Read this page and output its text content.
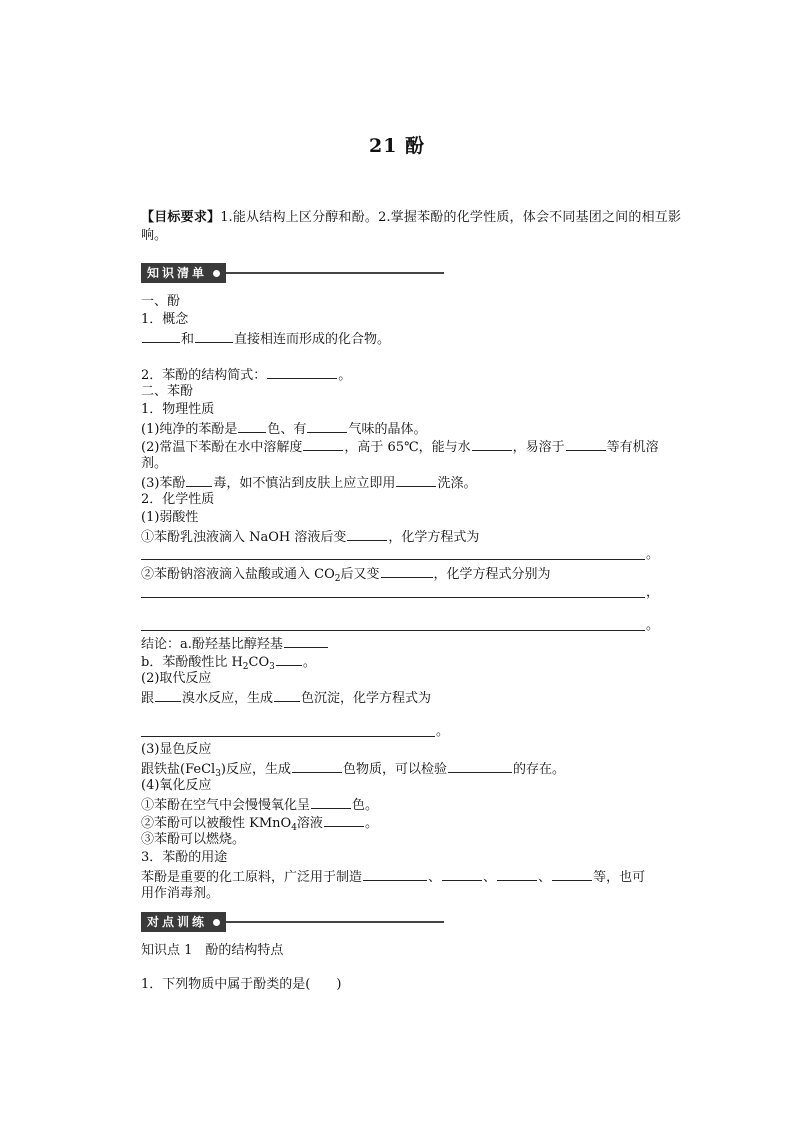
21 酚
【目标要求】1.能从结构上区分醇和酚。2.掌握苯酚的化学性质，体会不同基团之间的相互影响。
知识清单
一、酚
1．概念
和	直接相连而形成的化合物。
2．苯酚的结构简式：	。
二、苯酚
1．物理性质
(1)纯净的苯酚是 色、有	气味的晶体。
(2)常温下苯酚在水中溶解度	，高于 65℃，能与水	，易溶于	等有机溶
剂。
(3)苯酚 毒，如不慎沾到皮肤上应立即用	洗涤。
2．化学性质
(1)弱酸性
①苯酚乳浊液滴入 NaOH 溶液后变	，化学方程式为
。
②苯酚钠溶液滴入盐酸或通入 $CO_2$后又变	，化学方程式分别为
，
。
结论：a.酚羟基比醇羟基
b．苯酚酸性比 $H_2CO_3$ 。
(2)取代反应
跟 溴水反应，生成 色沉淀，化学方程式为
。
(3)显色反应
跟铁盐(FeCl$_3$)反应，生成	色物质，可以检验	的存在。
(4)氧化反应
①苯酚在空气中会慢慢氧化呈	色。
②苯酚可以被酸性 KMnO$_4$溶液	。
③苯酚可以燃烧。
3．苯酚的用途
苯酚是重要的化工原料，广泛用于制造	、	、	、	等，也可
用作消毒剂。
对点训练
知识点 1　酚的结构特点
1．下列物质中属于酚类的是(　　)
